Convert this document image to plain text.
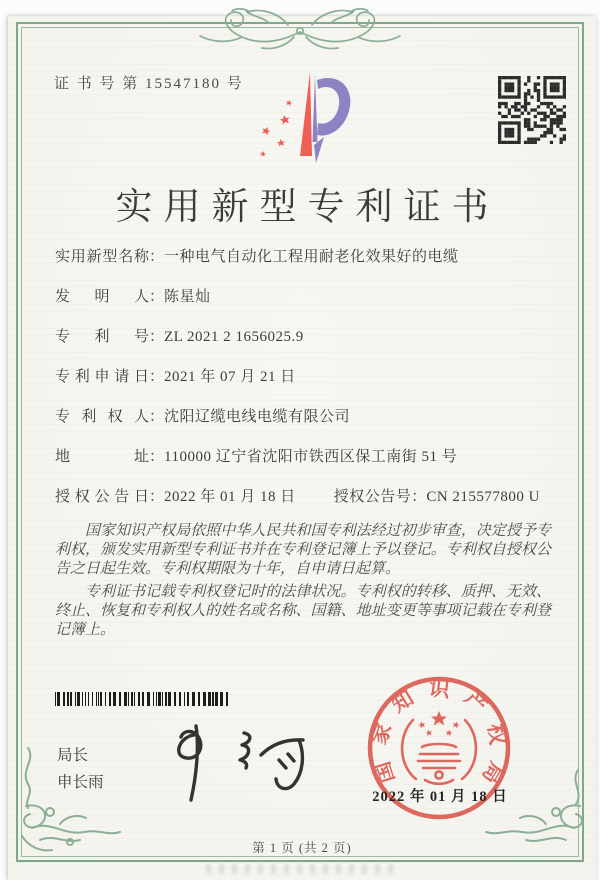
证 书 号 第 15547180 号
实用新型专利证书
实用新型名称：一种电气自动化工程用耐老化效果好的电缆
发明人：陈星灿
专利号：ZL 2021 2 1656025.9
专利申请日：2021 年 07 月 21 日
专利权人：沈阳辽缆电线电缆有限公司
地址：110000 辽宁省沈阳市铁西区保工南街 51 号
授权公告日：2022 年 01 月 18 日	授权公告号：CN 215577800 U

国家知识产权局依照中华人民共和国专利法经过初步审查，决定授予专利权，颁发实用新型专利证书并在专利登记簿上予以登记。专利权自授权公告之日起生效。专利权期限为十年，自申请日起算。

专利证书记载专利权登记时的法律状况。专利权的转移、质押、无效、终止、恢复和专利权人的姓名或名称、国籍、地址变更等事项记载在专利登记簿上。

局长
申长雨	国家知识产权局
2022 年 01 月 18 日
第 1 页 (共 2 页)
